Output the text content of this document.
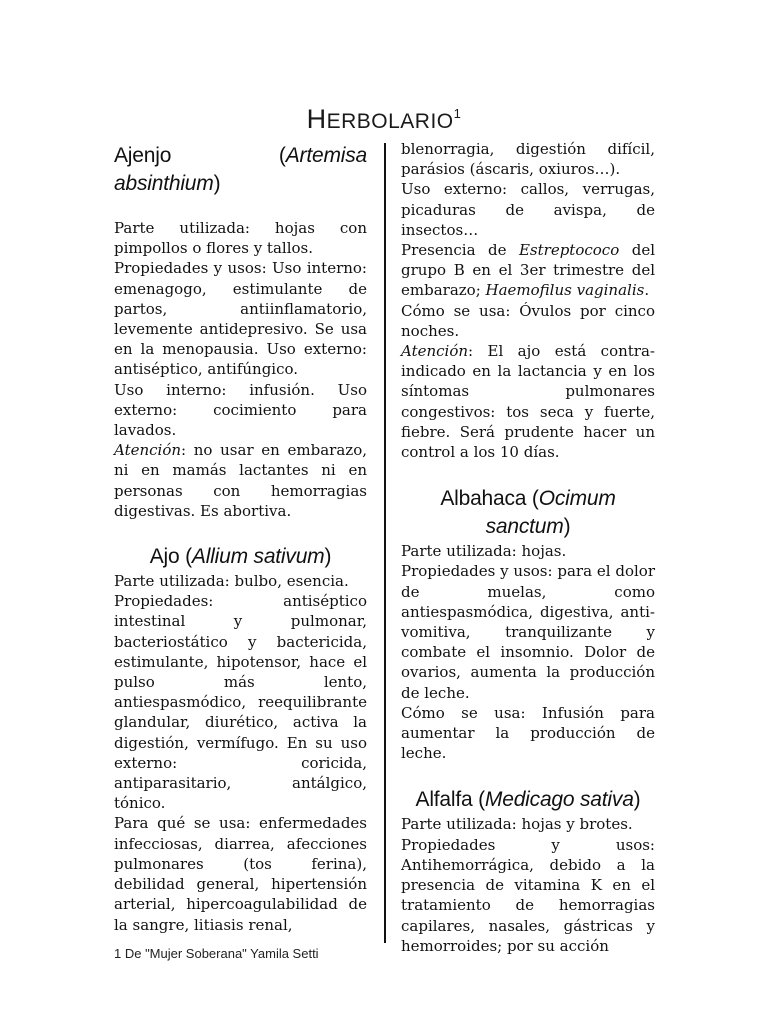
HERBOLARIO$^1$
Ajenjo (Artemisa absinthium)

Parte utilizada: hojas con pimpollos o flores y tallos.

Propiedades y usos: Uso interno: emenagogo, estimulante de partos, antiinflamatorio, levemente antidepresivo. Se usa en la menopausia. Uso externo: antiséptico, antifúngico.

Uso interno: infusión. Uso externo: cocimiento para lavados.

Atención: no usar en embarazo, ni en mamás lactantes ni en personas con hemorragias digestivas. Es abortiva.

Ajo (Allium sativum)

Parte utilizada: bulbo, esencia.

Propiedades: antiséptico intestinal y pulmonar, bacteriostático y bactericida, estimulante, hipotensor, hace el pulso más lento, antiespasmódico, reequilibrante glandular, diurético, activa la digestión, vermífugo. En su uso externo: coricida, antiparasitario, antálgico, tónico.

Para qué se usa: enfermedades infecciosas, diarrea, afecciones pulmonares (tos ferina), debilidad general, hipertensión arterial, hipercoagulabilidad de la sangre, litiasis renal,

blenorragia, digestión difícil, parásios (áscaris, oxiuros…).

Uso externo: callos, verrugas, picaduras de avispa, de insectos…

Presencia de Estreptococo del grupo B en el 3er trimestre del embarazo; Haemofilus vaginalis.

Cómo se usa: Óvulos por cinco noches.

Atención: El ajo está contra-indicado en la lactancia y en los síntomas pulmonares congestivos: tos seca y fuerte, fiebre. Será prudente hacer un control a los 10 días.

Albahaca (Ocimum sanctum)

Parte utilizada: hojas.

Propiedades y usos: para el dolor de muelas, como antiespasmódica, digestiva, anti-vomitiva, tranquilizante y combate el insomnio. Dolor de ovarios, aumenta la producción de leche.

Cómo se usa: Infusión para aumentar la producción de leche.

Alfalfa (Medicago sativa)

Parte utilizada: hojas y brotes.

Propiedades y usos: Antihemorrágica, debido a la presencia de vitamina K en el tratamiento de hemorragias capilares, nasales, gástricas y hemorroides; por su acción

1 De "Mujer Soberana" Yamila Setti
